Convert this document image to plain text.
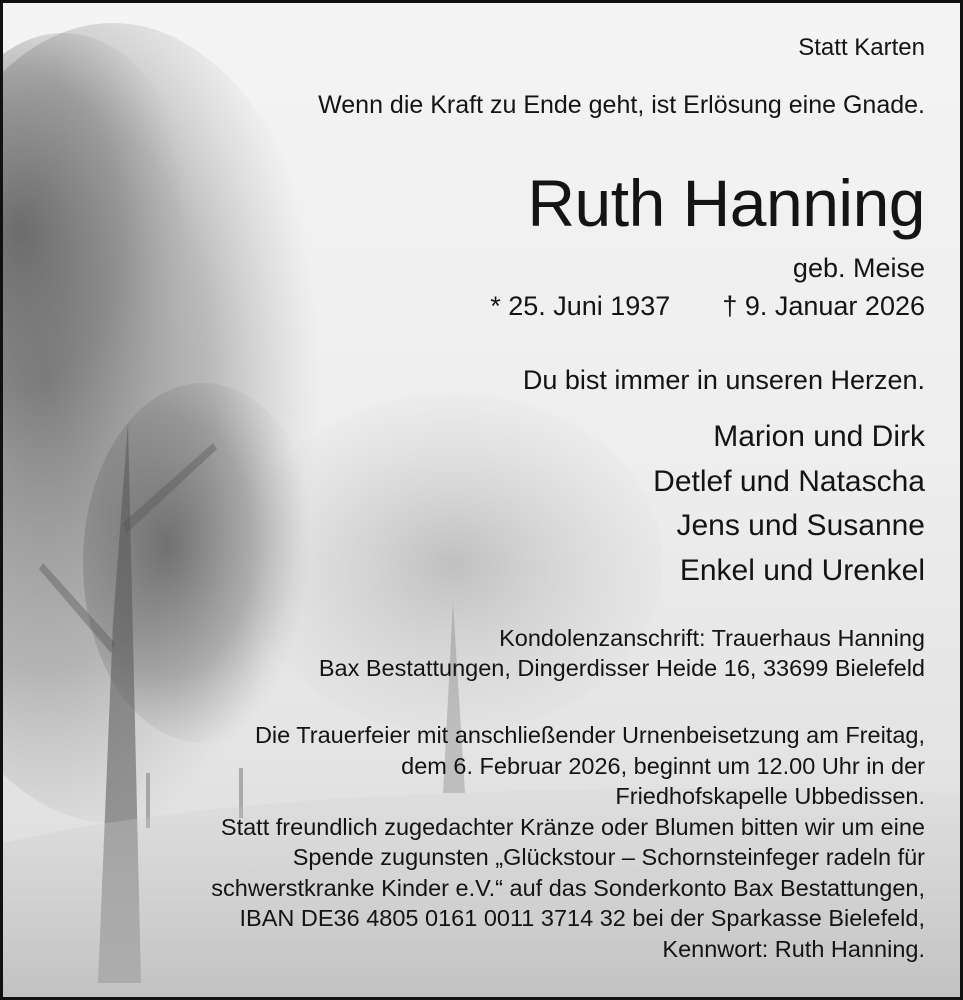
Statt Karten
Wenn die Kraft zu Ende geht, ist Erlösung eine Gnade.
Ruth Hanning
geb. Meise
* 25. Juni 1937 † 9. Januar 2026
Du bist immer in unseren Herzen.
Marion und Dirk
Detlef und Natascha
Jens und Susanne
Enkel und Urenkel
Kondolenzanschrift: Trauerhaus Hanning
Bax Bestattungen, Dingerdisser Heide 16, 33699 Bielefeld
Die Trauerfeier mit anschließender Urnenbeisetzung am Freitag,
dem 6. Februar 2026, beginnt um 12.00 Uhr in der
Friedhofskapelle Ubbedissen.
Statt freundlich zugedachter Kränze oder Blumen bitten wir um eine
Spende zugunsten „Glückstour – Schornsteinfeger radeln für
schwerstkranke Kinder e.V.“ auf das Sonderkonto Bax Bestattungen,
IBAN DE36 4805 0161 0011 3714 32 bei der Sparkasse Bielefeld,
Kennwort: Ruth Hanning.
